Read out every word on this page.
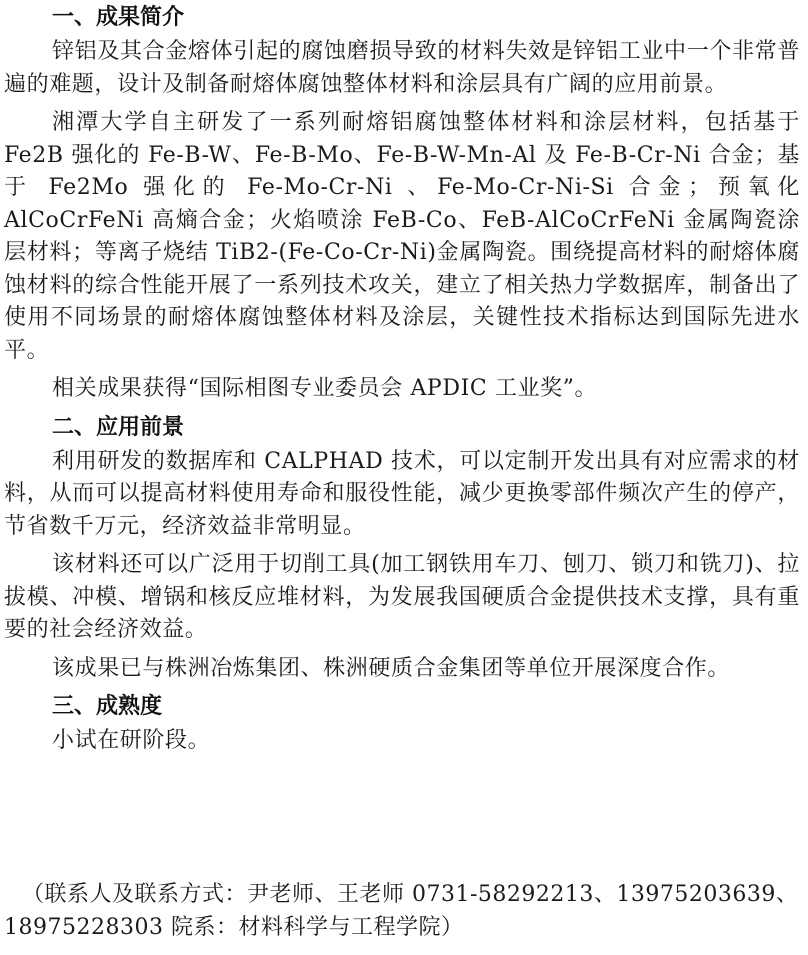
一、成果简介

锌铝及其合金熔体引起的腐蚀磨损导致的材料失效是锌铝工业中一个非常普遍的难题，设计及制备耐熔体腐蚀整体材料和涂层具有广阔的应用前景。

湘潭大学自主研发了一系列耐熔铝腐蚀整体材料和涂层材料，包括基于 Fe2B 强化的 Fe-B-W、Fe-B-Mo、Fe-B-W-Mn-Al 及 Fe-B-Cr-Ni 合金；基于 Fe2Mo 强化的 Fe-Mo-Cr-Ni 、Fe-Mo-Cr-Ni-Si 合金；预氧化 AlCoCrFeNi 高熵合金；火焰喷涂 FeB-Co、FeB-AlCoCrFeNi 金属陶瓷涂层材料；等离子烧结 TiB2-(Fe-Co-Cr-Ni)金属陶瓷。围绕提高材料的耐熔体腐蚀材料的综合性能开展了一系列技术攻关，建立了相关热力学数据库，制备出了使用不同场景的耐熔体腐蚀整体材料及涂层，关键性技术指标达到国际先进水平。

相关成果获得“国际相图专业委员会 APDIC 工业奖”。

二、应用前景

利用研发的数据库和 CALPHAD 技术，可以定制开发出具有对应需求的材料，从而可以提高材料使用寿命和服役性能，减少更换零部件频次产生的停产，节省数千万元，经济效益非常明显。

该材料还可以广泛用于切削工具(加工钢铁用车刀、刨刀、锁刀和铣刀)、拉拔模、冲模、增锅和核反应堆材料，为发展我国硬质合金提供技术支撑，具有重要的社会经济效益。

该成果已与株洲冶炼集团、株洲硬质合金集团等单位开展深度合作。

三、成熟度

小试在研阶段。

（联系人及联系方式：尹老师、王老师 0731-58292213、13975203639、18975228303 院系：材料科学与工程学院）
